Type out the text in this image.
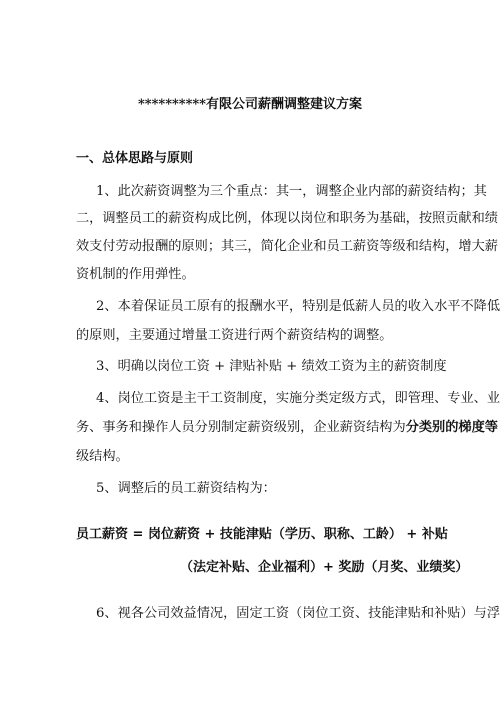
**********有限公司薪酬调整建议方案
一、总体思路与原则
1、此次薪资调整为三个重点：其一，调整企业内部的薪资结构；其
二，调整员工的薪资构成比例，体现以岗位和职务为基础，按照贡献和绩
效支付劳动报酬的原则；其三，简化企业和员工薪资等级和结构，增大薪
资机制的作用弹性。
2、本着保证员工原有的报酬水平，特别是低薪人员的收入水平不降低
的原则，主要通过增量工资进行两个薪资结构的调整。
3、明确以岗位工资 + 津贴补贴 + 绩效工资为主的薪资制度
4、岗位工资是主干工资制度，实施分类定级方式，即管理、专业、业
务、事务和操作人员分别制定薪资级别，企业薪资结构为分类别的梯度等
级结构。
5、调整后的员工薪资结构为：
员工薪资 = 岗位薪资 + 技能津贴（学历、职称、工龄） + 补贴
（法定补贴、企业福利）+ 奖励（月奖、业绩奖）
6、视各公司效益情况，固定工资（岗位工资、技能津贴和补贴）与浮
